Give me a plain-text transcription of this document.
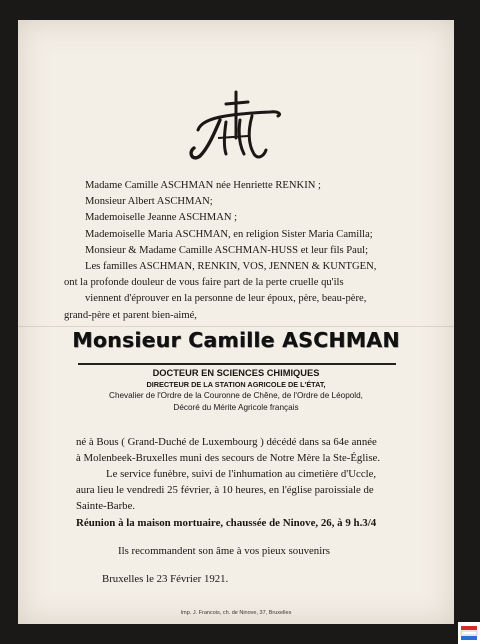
Madame Camille ASCHMAN née Henriette RENKIN ;
Monsieur Albert ASCHMAN;
Mademoiselle Jeanne ASCHMAN ;
Mademoiselle Maria ASCHMAN, en religion Sister Maria Camilla;
Monsieur & Madame Camille ASCHMAN-HUSS et leur fils Paul;
Les familles ASCHMAN, RENKIN, VOS, JENNEN & KUNTGEN,
ont la profonde douleur de vous faire part de la perte cruelle qu'ils
viennent d'éprouver en la personne de leur époux, père, beau-père,
grand-père et parent bien-aimé,
Monsieur Camille ASCHMAN
DOCTEUR EN SCIENCES CHIMIQUES
DIRECTEUR DE LA STATION AGRICOLE DE L'ÉTAT,
Chevalier de l'Ordre de la Couronne de Chêne, de l'Ordre de Léopold,
Décoré du Mérite Agricole français
né à Bous ( Grand-Duché de Luxembourg ) décédé dans sa 64e année
à Molenbeek-Bruxelles muni des secours de Notre Mère la Ste-Église.
Le service funèbre, suivi de l'inhumation au cimetière d'Uccle,
aura lieu le vendredi 25 février, à 10 heures, en l'église paroissiale de
Sainte-Barbe.
Réunion à la maison mortuaire, chaussée de Ninove, 26, à 9 h.3/4
Ils recommandent son âme à vos pieux souvenirs
Bruxelles le 23 Février 1921.
Imp. J. Francois, ch. de Ninove, 37, Bruxelles
